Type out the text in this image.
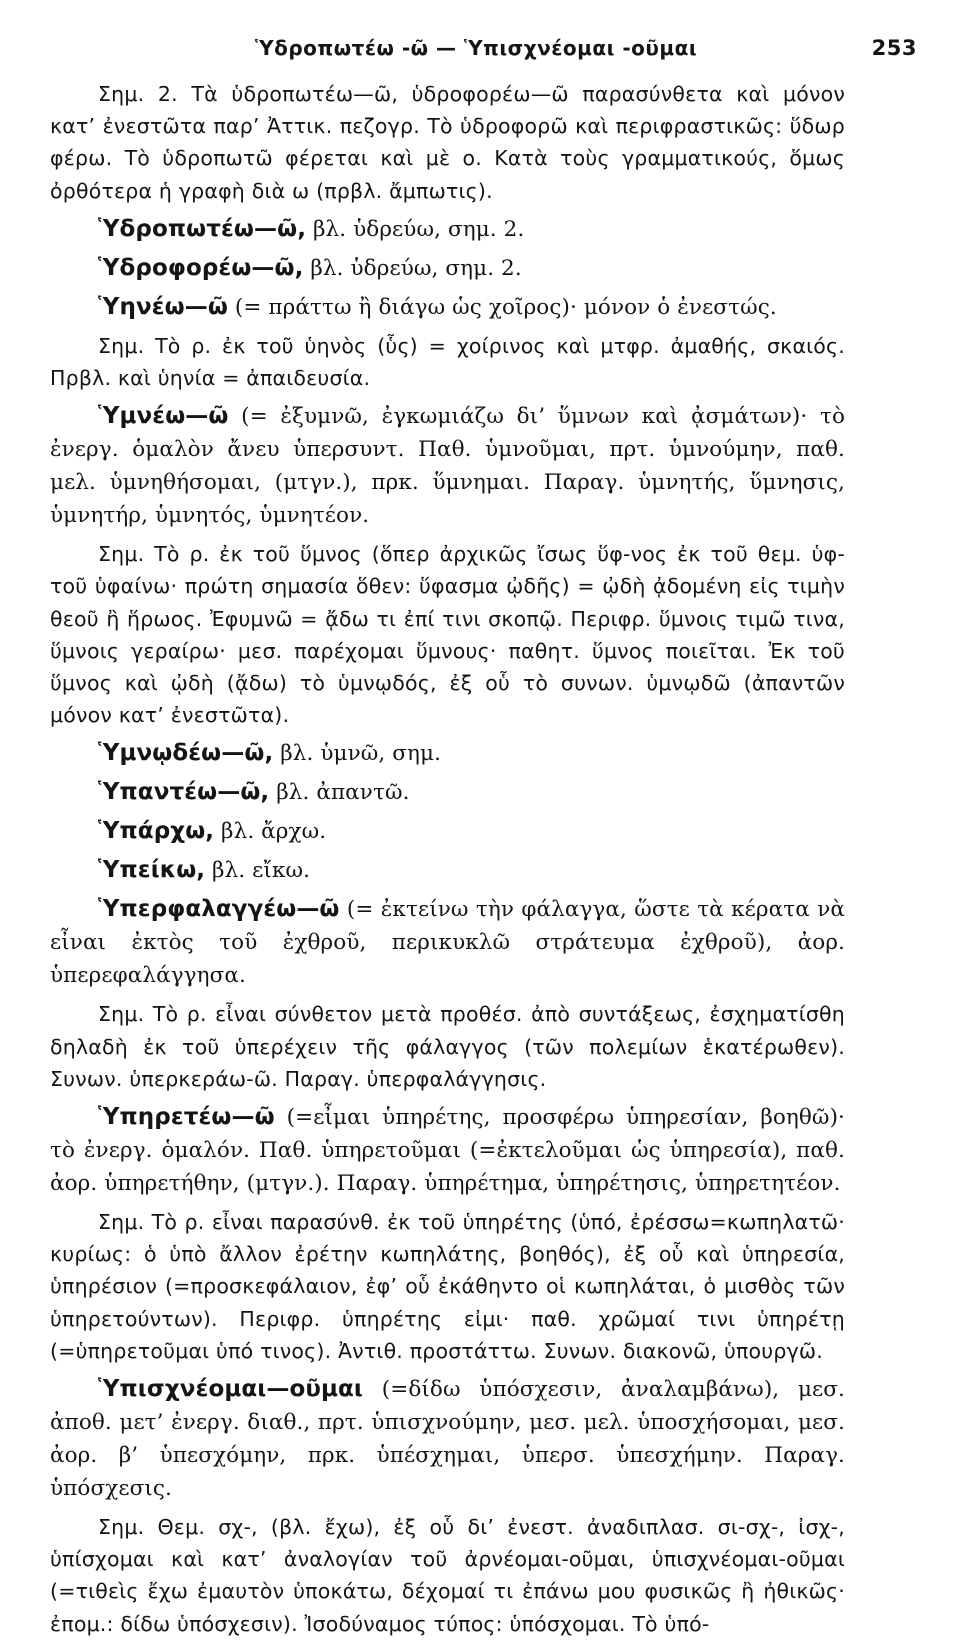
Ὑδροπωτέω -ῶ — Ὑπισχνέομαι -οῦμαι	253

Σημ. 2. Τὰ ὑδροπωτέω—ῶ, ὑδροφορέω—ῶ παρασύνθετα καὶ μόνον κατ’ ἐνεστῶτα παρ’ Ἀττικ. πεζογρ. Τὸ ὑδροφορῶ καὶ περιφραστικῶς: ὕδωρ φέρω. Τὸ ὑδροπωτῶ φέρεται καὶ μὲ ο. Κατὰ τοὺς γραμματικούς, ὅμως ὀρθότερα ἡ γραφὴ διὰ ω (πρβλ. ἄμπωτις).

Ὑδροπωτέω—ῶ, βλ. ὑδρεύω, σημ. 2.

Ὑδροφορέω—ῶ, βλ. ὑδρεύω, σημ. 2.

Ὑηνέω—ῶ (= πράττω ἢ διάγω ὡς χοῖρος)· μόνον ὁ ἐνεστώς.

Σημ. Τὸ ρ. ἐκ τοῦ ὑηνὸς (ὗς) = χοίρινος καὶ μτφρ. ἀμαθής, σκαιός. Πρβλ. καὶ ὑηνία = ἀπαιδευσία.

Ὑμνέω—ῶ (= ἐξυμνῶ, ἐγκωμιάζω δι’ ὕμνων καὶ ᾀσμάτων)· τὸ ἐνεργ. ὁμαλὸν ἄνευ ὑπερσυντ. Παθ. ὑμνοῦμαι, πρτ. ὑμνούμην, παθ. μελ. ὑμνηθήσομαι, (μτγν.), πρκ. ὕμνημαι. Παραγ. ὑμνητής, ὕμνησις, ὑμνητήρ, ὑμνητός, ὑμνητέον.

Σημ. Τὸ ρ. ἐκ τοῦ ὕμνος (ὅπερ ἀρχικῶς ἴσως ὕφ-νος ἐκ τοῦ θεμ. ὑφ- τοῦ ὑφαίνω· πρώτη σημασία ὅθεν: ὕφασμα ᾠδῆς) = ᾠδὴ ᾀδομένη εἰς τιμὴν θεοῦ ἢ ἥρωος. Ἐφυμνῶ = ᾄδω τι ἐπί τινι σκοπῷ. Περιφρ. ὕμνοις τιμῶ τινα, ὕμνοις γεραίρω· μεσ. παρέχομαι ὕμνους· παθητ. ὕμνος ποιεῖται. Ἐκ τοῦ ὕμνος καὶ ᾠδὴ (ᾄδω) τὸ ὑμνῳδός, ἐξ οὗ τὸ συνων. ὑμνῳδῶ (ἀπαντῶν μόνον κατ’ ἐνεστῶτα).

Ὑμνῳδέω—ῶ, βλ. ὑμνῶ, σημ.

Ὑπαντέω—ῶ, βλ. ἀπαντῶ.

Ὑπάρχω, βλ. ἄρχω.

Ὑπείκω, βλ. εἴκω.

Ὑπερφαλαγγέω—ῶ (= ἐκτείνω τὴν φάλαγγα, ὥστε τὰ κέρατα νὰ εἶναι ἐκτὸς τοῦ ἐχθροῦ, περικυκλῶ στράτευμα ἐχθροῦ), ἀορ. ὑπερεφαλάγγησα.

Σημ. Τὸ ρ. εἶναι σύνθετον μετὰ προθέσ. ἀπὸ συντάξεως, ἐσχηματίσθη δηλαδὴ ἐκ τοῦ ὑπερέχειν τῆς φάλαγγος (τῶν πολεμίων ἑκατέρωθεν). Συνων. ὑπερκεράω-ῶ. Παραγ. ὑπερφαλάγγησις.

Ὑπηρετέω—ῶ (=εἶμαι ὑπηρέτης, προσφέρω ὑπηρεσίαν, βοηθῶ)· τὸ ἐνεργ. ὁμαλόν. Παθ. ὑπηρετοῦμαι (=ἐκτελοῦμαι ὡς ὑπηρεσία), παθ. ἀορ. ὑπηρετήθην, (μτγν.). Παραγ. ὑπηρέτημα, ὑπηρέτησις, ὑπηρετητέον.

Σημ. Τὸ ρ. εἶναι παρασύνθ. ἐκ τοῦ ὑπηρέτης (ὑπό, ἐρέσσω=κωπηλατῶ· κυρίως: ὁ ὑπὸ ἄλλον ἐρέτην κωπηλάτης, βοηθός), ἐξ οὗ καὶ ὑπηρεσία, ὑπηρέσιον (=προσκεφάλαιον, ἐφ’ οὗ ἐκάθηντο οἱ κωπηλάται, ὁ μισθὸς τῶν ὑπηρετούντων). Περιφρ. ὑπηρέτης εἰμι· παθ. χρῶμαί τινι ὑπηρέτῃ (=ὑπηρετοῦμαι ὑπό τινος). Ἀντιθ. προστάττω. Συνων. διακονῶ, ὑπουργῶ.

Ὑπισχνέομαι—οῦμαι (=δίδω ὑπόσχεσιν, ἀναλαμβάνω), μεσ. ἀποθ. μετ’ ἐνεργ. διαθ., πρτ. ὑπισχνούμην, μεσ. μελ. ὑποσχήσομαι, μεσ. ἀορ. β’ ὑπεσχόμην, πρκ. ὑπέσχημαι, ὑπερσ. ὑπεσχήμην. Παραγ. ὑπόσχεσις.

Σημ. Θεμ. σχ-, (βλ. ἔχω), ἐξ οὗ δι’ ἐνεστ. ἀναδιπλασ. σι-σχ-, ἰσχ-, ὑπίσχομαι καὶ κατ’ ἀναλογίαν τοῦ ἀρνέομαι-οῦμαι, ὑπισχνέομαι-οῦμαι (=τιθεὶς ἔχω ἐμαυτὸν ὑποκάτω, δέχομαί τι ἐπάνω μου φυσικῶς ἢ ἠθικῶς· ἐπομ.: δίδω ὑπόσχεσιν). Ἰσοδύναμος τύπος: ὑπόσχομαι. Τὸ ὑπό-
